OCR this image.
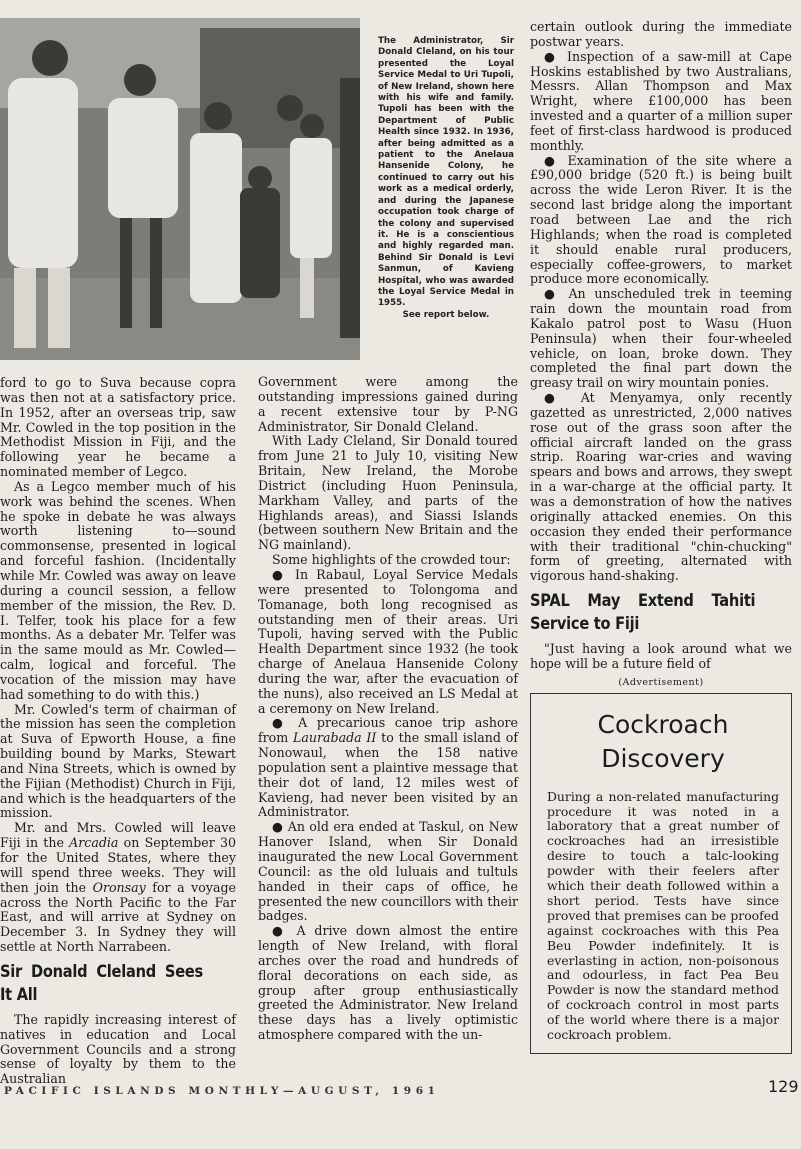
The Administrator, Sir Donald Cleland, on his tour presented the Loyal Service Medal to Uri Tupoli, of New Ireland, shown here with his wife and family. Tupoli has been with the Department of Public Health since 1932. In 1936, after being admitted as a patient to the Anelaua Hansenide Colony, he continued to carry out his work as a medical orderly, and during the Japanese occupation took charge of the colony and supervised it. He is a conscientious and highly regarded man. Behind Sir Donald is Levi Sanmun, of Kavieng Hospital, who was awarded the Loyal Service Medal in 1955.
See report below.

ford to go to Suva because copra was then not at a satisfactory price. In 1952, after an overseas trip, saw Mr. Cowled in the top position in the Methodist Mission in Fiji, and the following year he became a nominated member of Legco.

As a Legco member much of his work was behind the scenes. When he spoke in debate he was always worth listening to—sound commonsense, presented in logical and forceful fashion. (Incidentally while Mr. Cowled was away on leave during a council session, a fellow member of the mission, the Rev. D. I. Telfer, took his place for a few months. As a debater Mr. Telfer was in the same mould as Mr. Cowled—calm, logical and forceful. The vocation of the mission may have had something to do with this.)

Mr. Cowled's term of chairman of the mission has seen the completion at Suva of Epworth House, a fine building bound by Marks, Stewart and Nina Streets, which is owned by the Fijian (Methodist) Church in Fiji, and which is the headquarters of the mission.

Mr. and Mrs. Cowled will leave Fiji in the Arcadia on September 30 for the United States, where they will spend three weeks. They will then join the Oronsay for a voyage across the North Pacific to the Far East, and will arrive at Sydney on December 3. In Sydney they will settle at North Narrabeen.

Sir Donald Cleland Sees It All

The rapidly increasing interest of natives in education and Local Government Councils and a strong sense of loyalty by them to the Australian

Government were among the outstanding impressions gained during a recent extensive tour by P-NG Administrator, Sir Donald Cleland.

With Lady Cleland, Sir Donald toured from June 21 to July 10, visiting New Britain, New Ireland, the Morobe District (including Huon Peninsula, Markham Valley, and parts of the Highlands areas), and Siassi Islands (between southern New Britain and the NG mainland).

Some highlights of the crowded tour:

● In Rabaul, Loyal Service Medals were presented to Tolongoma and Tomanage, both long recognised as outstanding men of their areas. Uri Tupoli, having served with the Public Health Department since 1932 (he took charge of Anelaua Hansenide Colony during the war, after the evacuation of the nuns), also received an LS Medal at a ceremony on New Ireland.

● A precarious canoe trip ashore from Laurabada II to the small island of Nonowaul, when the 158 native population sent a plaintive message that their dot of land, 12 miles west of Kavieng, had never been visited by an Administrator.

● An old era ended at Taskul, on New Hanover Island, when Sir Donald inaugurated the new Local Government Council: as the old luluais and tultuls handed in their caps of office, he presented the new councillors with their badges.

● A drive down almost the entire length of New Ireland, with floral arches over the road and hundreds of floral decorations on each side, as group after group enthusiastically greeted the Administrator. New Ireland these days has a lively optimistic atmosphere compared with the un-

certain outlook during the immediate postwar years.

● Inspection of a saw-mill at Cape Hoskins established by two Australians, Messrs. Allan Thompson and Max Wright, where £100,000 has been invested and a quarter of a million super feet of first-class hardwood is produced monthly.

● Examination of the site where a £90,000 bridge (520 ft.) is being built across the wide Leron River. It is the second last bridge along the important road between Lae and the rich Highlands; when the road is completed it should enable rural producers, especially coffee-growers, to market produce more economically.

● An unscheduled trek in teeming rain down the mountain road from Kakalo patrol post to Wasu (Huon Peninsula) when their four-wheeled vehicle, on loan, broke down. They completed the final part down the greasy trail on wiry mountain ponies.

● At Menyamya, only recently gazetted as unrestricted, 2,000 natives rose out of the grass soon after the official aircraft landed on the grass strip. Roaring war-cries and waving spears and bows and arrows, they swept in a war-charge at the official party. It was a demonstration of how the natives originally attacked enemies. On this occasion they ended their performance with their traditional "chin-chucking" form of greeting, alternated with vigorous hand-shaking.

SPAL May Extend Tahiti Service to Fiji

"Just having a look around what we hope will be a future field of

(Advertisement)
Cockroach Discovery
During a non-related manufacturing procedure it was noted in a laboratory that a great number of cockroaches had an irresistible desire to touch a talc-looking powder with their feelers after which their death followed within a short period. Tests have since proved that premises can be proofed against cockroaches with this Pea Beu Powder indefinitely. It is everlasting in action, non-poisonous and odourless, in fact Pea Beu Powder is now the standard method of cockroach control in most parts of the world where there is a major cockroach problem.
PACIFIC ISLANDS MONTHLY—AUGUST, 1961	129
